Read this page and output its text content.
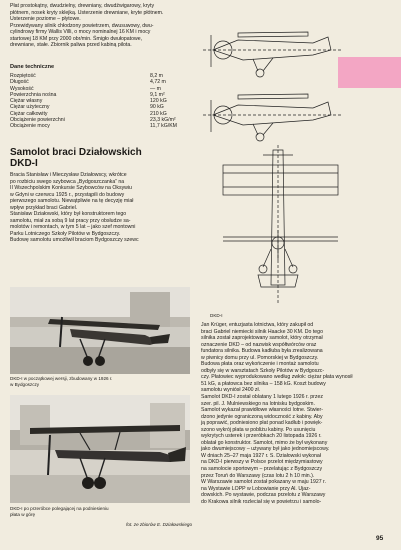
Płat prostokątny, dwudzielny, drewniany, dwudźwigarowy, kryty

płótnem, nosek kryty sklejką. Usterzenie drewniane, kryte płótnem.

Usterzenie poziome – płytowe.

Przewidywany silnik chłodzony powietrzem, dwusuwowy, dwu-

cylindrowy firmy Wallis Villi, o mocy nominalnej 16 KM i mocy

startowej 18 KM przy 2000 obr/min. Śmigło dwułopatowe,

drewniane, stałe. Zbiornik paliwa przed kabiną pilota.

Dane techniczne
Rozpiętość	8,2 m
Długość	4,72 m
Wysokość	— m
Powierzchnia nośna	9,1 m²
Ciężar własny	120 kG
Ciężar użyteczny	90 kG
Ciężar całkowity	210 kG
Obciążenie powierzchni	23,3 kG/m²
Obciążenie mocy	11,7 kG/KM
Samolot braci Działowskich
DKD-I

Bracia Stanisław i Mieczysław Działowscy, wkrótce

po rozbiciu swego szybowca „Bydgoszczanka” na

II Wszechpolskim Konkursie Szybowców na Oksywiu

w Gdyni w czerwcu 1925 r., przystąpili do budowy

pierwszego samolotu. Niewątpliwie na tę decyzję miał

wpływ przykład braci Gabriel.

Stanisław Działowski, który był konstruktorem tego

samolotu, miał za sobą 9 lat pracy przy obsłudze sa-

molotów i remontach, w tym 5 lat – jako szef montowni

Parku Lotniczego Szkoły Pilotów w Bydgoszczy.

Budowę samolotu umożliwił braciom Bydgoszczy szewc

DKD-I w początkowej wersji, zbudowany w 1926 r.
w Bydgoszczy
DKD-I po przeróbce polegającej na podniesieniu
płata w górę
fot. ze zbiorów E. Działowskiego
DKD-I

Jan Krüger, entuzjasta lotnictwa, który zakupił od

braci Gabriel niemiecki silnik Haacke 30 KM. Do tego

silnika został zaprojektowany samolot, który otrzymał

oznaczenie DKD – od nazwisk współtwórców oraz

fundatora silnika. Budowa kadłuba była zrealizowana

w piwnicy domu przy ul. Pomorskiej w Bydgoszczy.

Budowa płata oraz wykończenie i montaż samolotu

odbyły się w warsztatach Szkoły Pilotów w Bydgoszc-

czy. Płatowiec wyprodukowano według zwłok: ciężar płata wynosił

51 kG, a płatowca bez silnika – 158 kG. Koszt budowy

samolotu wyniósł 2400 zł.

Samolot DKD-I został oblatany 1 lutego 1926 r. przez

szer. pil. J. Mulniewskiego na lotnisku bydgoskim.

Samolot wykazał prawidłowe własności lotne. Stwier-

dzono jedynie ograniczoną widoczność z kabiny. Aby

ją poprawić, podniesiono płat ponad kadłub i powięk-

szono wykrój płata w pobliżu kabiny. Po usunięciu

wykrytych usterek i przeróbkach 20 listopada 1926 r.

oblatał go konstruktor. Samolot, mimo że był wykonany

jako dwumiejscowy – używany był jako jednomiejscowy.

W dniach 25–27 maja 1927 r. S. Działowski wykonał

na DKD-I pierwszy w Polsce przelot międzymiastowy

na samolocie sportowym – przelatując z Bydgoszczy

przez Toruń do Warszawy (czas lotu 2 h 10 min.).

W Warszawie samolot został pokazany w maju 1927 r.

na Wystawie LOPP w Lobowianie przy Al. Ujaz-

dowskich. Po wystawie, podczas przelotu z Warszawy

do Krakowa silnik rozleciał się w powietrzu i samolo-

95
